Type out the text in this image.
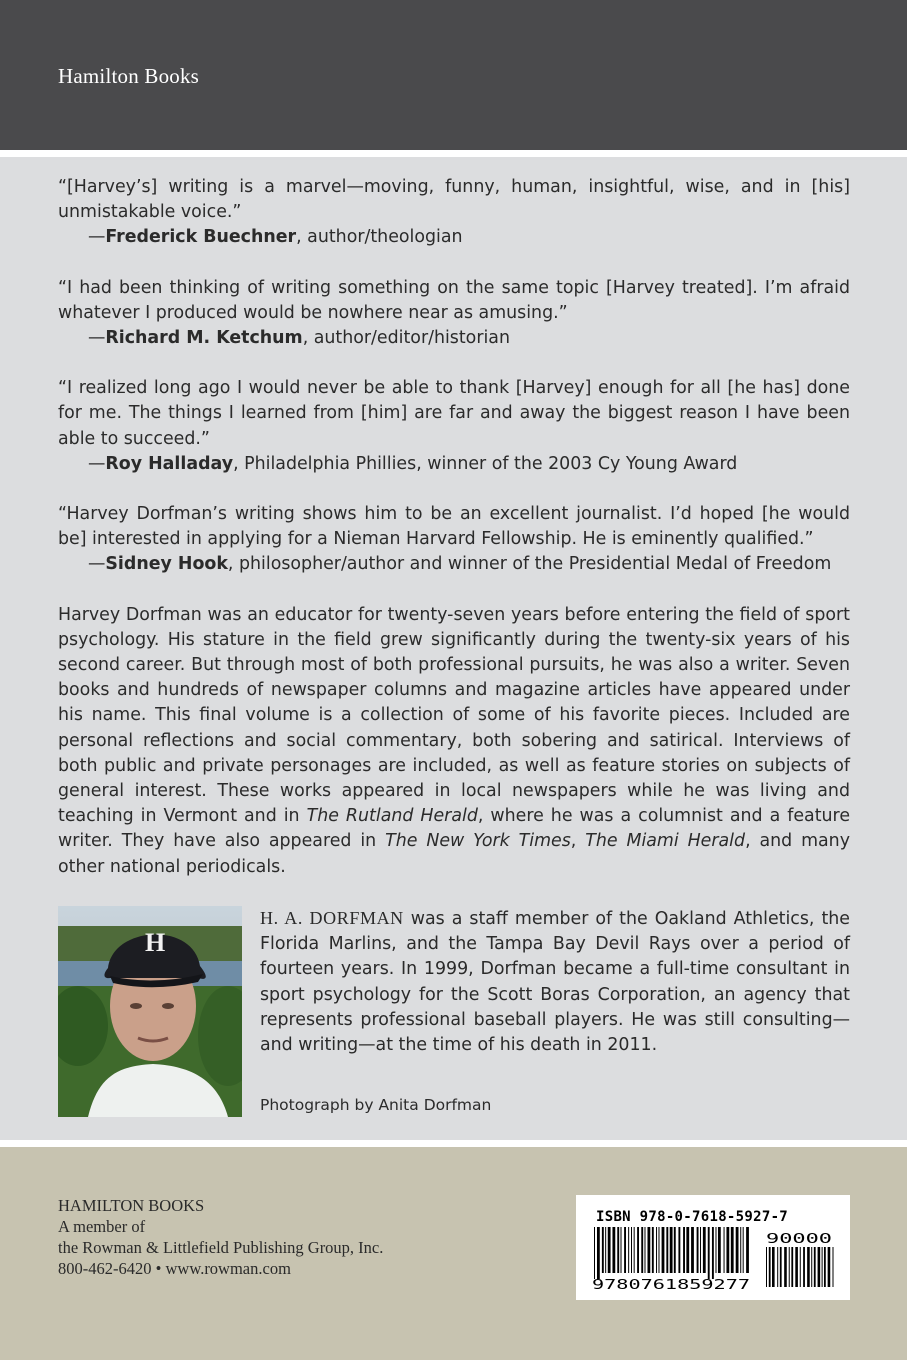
Hamilton Books

“[Harvey’s] writing is a marvel—moving, funny, human, insightful, wise, and in [his] unmistakable voice.”

—Frederick Buechner, author/theologian

“I had been thinking of writing something on the same topic [Harvey treated]. I’m afraid whatever I produced would be nowhere near as amusing.”

—Richard M. Ketchum, author/editor/historian

“I realized long ago I would never be able to thank [Harvey] enough for all [he has] done for me. The things I learned from [him] are far and away the biggest reason I have been able to succeed.”

—Roy Halladay, Philadelphia Phillies, winner of the 2003 Cy Young Award

“Harvey Dorfman’s writing shows him to be an excellent journalist. I’d hoped [he would be] interested in applying for a Nieman Harvard Fellowship. He is eminently qualified.”

—Sidney Hook, philosopher/author and winner of the Presidential Medal of Freedom

Harvey Dorfman was an educator for twenty-seven years before entering the field of sport psychology. His stature in the field grew significantly during the twenty-six years of his second career. But through most of both professional pursuits, he was also a writer. Seven books and hundreds of newspaper columns and magazine articles have appeared under his name. This final volume is a collection of some of his favorite pieces. Included are personal reflections and social commentary, both sobering and satirical. Interviews of both public and private personages are included, as well as feature stories on subjects of general interest. These works appeared in local newspapers while he was living and teaching in Vermont and in The Rutland Herald, where he was a columnist and a feature writer. They have also appeared in The New York Times, The Miami Herald, and many other national periodicals.

H

H. A. DORFMAN was a staff member of the Oakland Athletics, the Florida Marlins, and the Tampa Bay Devil Rays over a period of fourteen years. In 1999, Dorfman became a full-time consultant in sport psychology for the Scott Boras Corporation, an agency that represents professional baseball players. He was still consulting—and writing—at the time of his death in 2011.

Photograph by Anita Dorfman
HAMILTON BOOKS
A member of
the Rowman & Littlefield Publishing Group, Inc.
800-462-6420 • www.rowman.com
ISBN 978-0-7618-5927-7
9780761859277
90000
